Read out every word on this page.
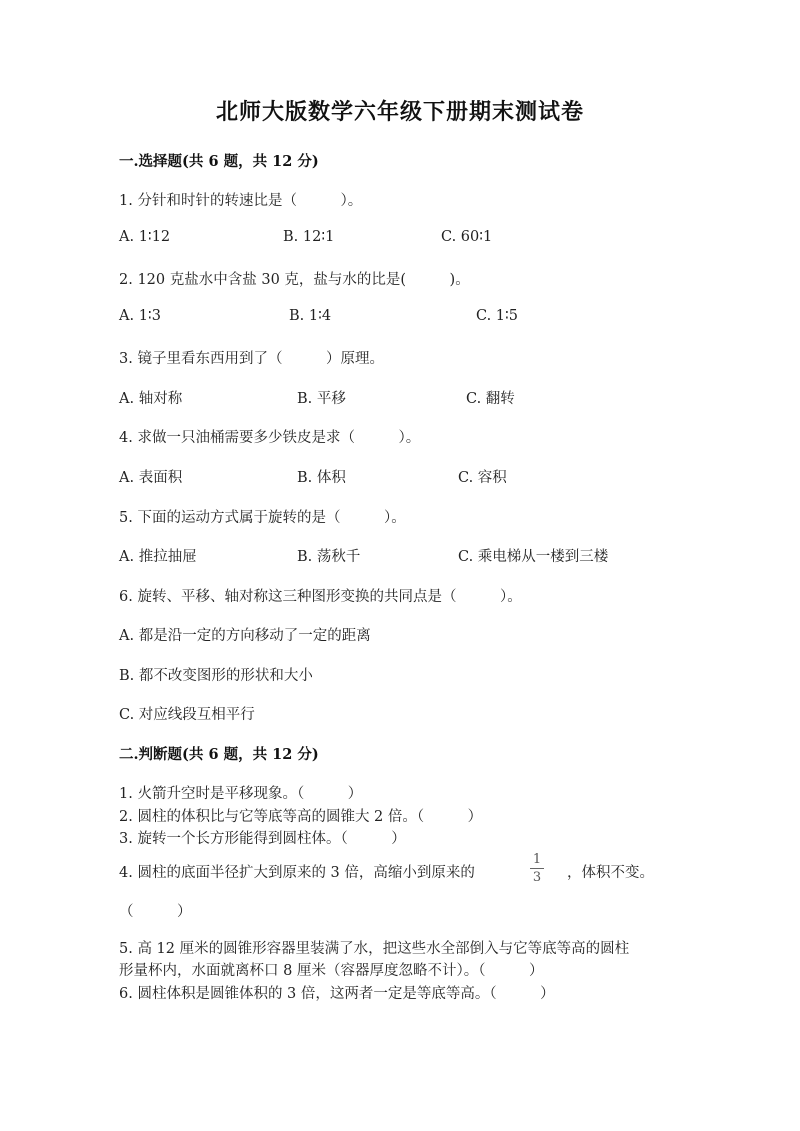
北师大版数学六年级下册期末测试卷
一.选择题(共 6 题，共 12 分)
1. 分针和时针的转速比是（　　　）。
A. 1∶12	B. 12∶1	C. 60∶1
2. 120 克盐水中含盐 30 克，盐与水的比是(　　　)。
A. 1∶3	B. 1∶4	C. 1∶5
3. 镜子里看东西用到了（　　　）原理。
A. 轴对称	B. 平移	C. 翻转
4. 求做一只油桶需要多少铁皮是求（　　　）。
A. 表面积	B. 体积	C. 容积
5. 下面的运动方式属于旋转的是（　　　）。
A. 推拉抽屉	B. 荡秋千	C. 乘电梯从一楼到三楼
6. 旋转、平移、轴对称这三种图形变换的共同点是（　　　）。
A. 都是沿一定的方向移动了一定的距离
B. 都不改变图形的形状和大小
C. 对应线段互相平行
二.判断题(共 6 题，共 12 分)
1. 火箭升空时是平移现象。（　　　）
2. 圆柱的体积比与它等底等高的圆锥大 2 倍。（　　　）
3. 旋转一个长方形能得到圆柱体。（　　　）
4. 圆柱的底面半径扩大到原来的 3 倍，高缩小到原来的
1
3	，体积不变。
（　　　）
5. 高 12 厘米的圆锥形容器里装满了水，把这些水全部倒入与它等底等高的圆柱
形量杯内，水面就离杯口 8 厘米（容器厚度忽略不计）。（　　　）
6. 圆柱体积是圆锥体积的 3 倍，这两者一定是等底等高。（　　　）
